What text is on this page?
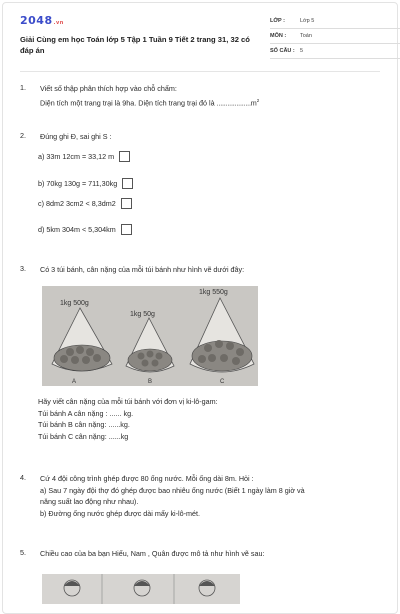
2048.vn
Giải Cùng em học Toán lớp 5 Tập 1 Tuần 9 Tiết 2 trang 31, 32 có đáp án
LỚP :	Lớp 5
MÔN :	Toán
SỐ CÂU : 5
1. Viết số thập phân thích hợp vào chỗ chấm:
Diện tích một trang trại là 9ha. Diện tích trang trại đó là $...................m^2$
2. Đúng ghi Đ, sai ghi S :
a) 33m 12cm = 33,12 m
b) 70kg 130g = 711,30kg
c) 8dm2 3cm2 < 8,3dm2
d) 5km 304m < 5,304km
3. Có 3 túi bánh, cân nặng của mỗi túi bánh như hình vẽ dưới đây:
1kg 500g
1kg 50g
1kg 550g
A	B	C
Hãy viết cân nặng của mỗi túi bánh với đơn vị ki-lô-gam:
Túi bánh A cân nặng : ...... kg.
Túi bánh B cân nặng: ......kg.
Túi bánh C cân nặng: ......kg
4. Cứ 4 đội công trình ghép được 80 ống nước. Mỗi ống dài 8m. Hỏi :
a) Sau 7 ngày đội thợ đó ghép được bao nhiêu ống nước (Biết 1 ngày làm 8 giờ và
năng suất lao động như nhau).
b) Đường ống nước ghép được dài mấy ki-lô-mét.
5. Chiều cao của ba bạn Hiếu, Nam , Quân được mô tả như hình vẽ sau:
